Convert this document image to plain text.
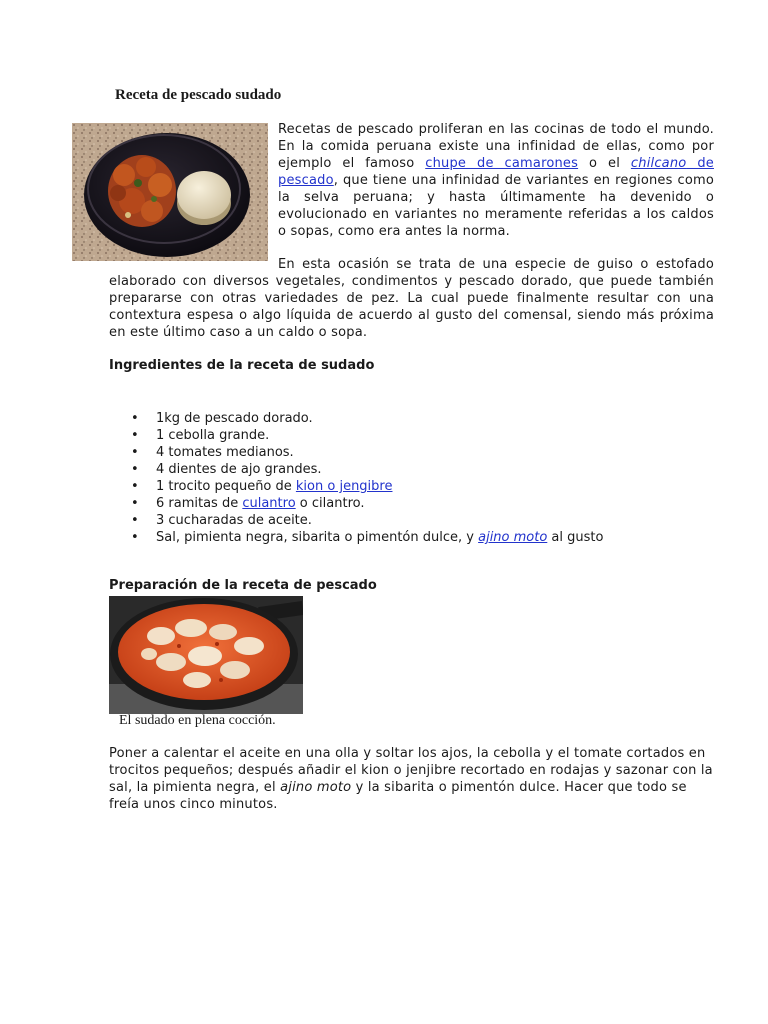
Receta de pescado sudado

Recetas de pescado proliferan en las cocinas de todo el mundo. En la comida peruana existe una infinidad de ellas, como por ejemplo el famoso chupe de camarones o el chilcano de pescado, que tiene una infinidad de variantes en regiones como la selva peruana; y hasta últimamente ha devenido o evolucionado en variantes no meramente referidas a los caldos o sopas, como era antes la norma.

En esta ocasión se trata de una especie de guiso o estofado elaborado con diversos vegetales, condimentos y pescado dorado, que puede también prepararse con otras variedades de pez. La cual puede finalmente resultar con una contextura espesa o algo líquida de acuerdo al gusto del comensal, siendo más próxima en este último caso a un caldo o sopa.

Ingredientes de la receta de sudado
• 1kg de pescado dorado.
• 1 cebolla grande.
• 4 tomates medianos.
• 4 dientes de ajo grandes.
• 1 trocito pequeño de kion o jengibre
• 6 ramitas de culantro o cilantro.
• 3 cucharadas de aceite.
• Sal, pimienta negra, sibarita o pimentón dulce, y ajino moto al gusto
Preparación de la receta de pescado

El sudado en plena cocción.

Poner a calentar el aceite en una olla y soltar los ajos, la cebolla y el tomate cortados en trocitos pequeños; después añadir el kion o jenjibre recortado en rodajas y sazonar con la sal, la pimienta negra, el ajino moto y la sibarita o pimentón dulce. Hacer que todo se freía unos cinco minutos.
